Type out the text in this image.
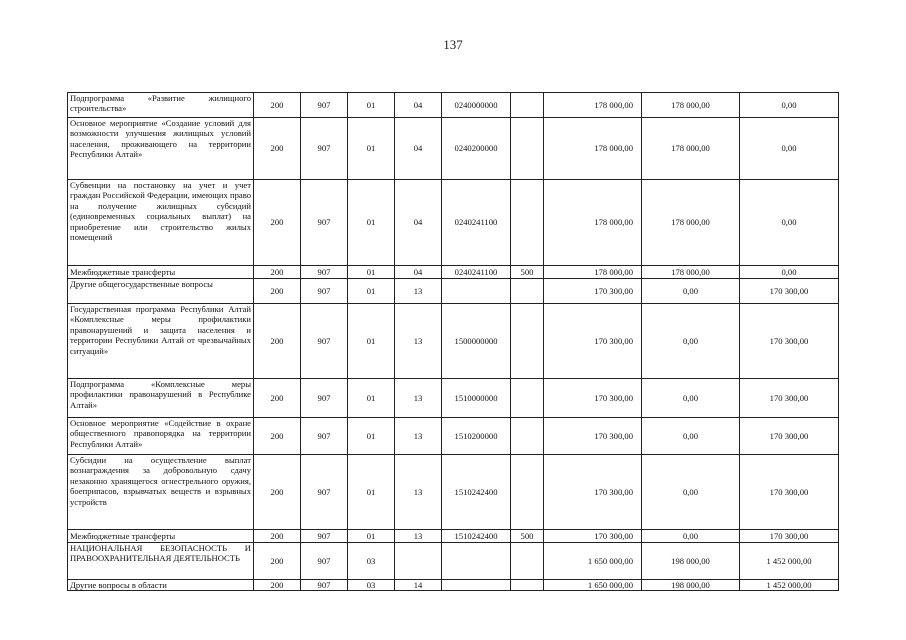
137
Подпрограмма «Развитие жилищного строительства»	200	907	01	04	0240000000		178 000,00	178 000,00	0,00
Основное мероприятие «Создание условий для возможности улучшения жилищных условий населения, проживающего на территории Республики Алтай»	200	907	01	04	0240200000		178 000,00	178 000,00	0,00
Субвенции на постановку на учет и учет граждан Российской Федерации, имеющих право на получение жилищных субсидий (единовременных социальных выплат) на приобретение или строительство жилых помещений	200	907	01	04	0240241100		178 000,00	178 000,00	0,00
Межбюджетные трансферты	200	907	01	04	0240241100	500	178 000,00	178 000,00	0,00
Другие общегосударственные вопросы	200	907	01	13			170 300,00	0,00	170 300,00
Государственная программа Республики Алтай «Комплексные меры профилактики правонарушений и защита населения и территории Республики Алтай от чрезвычайных ситуаций»	200	907	01	13	1500000000		170 300,00	0,00	170 300,00
Подпрограмма «Комплексные меры профилактики правонарушений в Республике Алтай»	200	907	01	13	1510000000		170 300,00	0,00	170 300,00
Основное мероприятие «Содействие в охране общественного правопорядка на территории Республики Алтай»	200	907	01	13	1510200000		170 300,00	0,00	170 300,00
Субсидии на осуществление выплат вознаграждения за добровольную сдачу незаконно хранящегося огнестрельного оружия, боеприпасов, взрывчатых веществ и взрывных устройств	200	907	01	13	1510242400		170 300,00	0,00	170 300,00
Межбюджетные трансферты	200	907	01	13	1510242400	500	170 300,00	0,00	170 300,00
НАЦИОНАЛЬНАЯ БЕЗОПАСНОСТЬ И ПРАВООХРАНИТЕЛЬНАЯ ДЕЯТЕЛЬНОСТЬ	200	907	03				1 650 000,00	198 000,00	1 452 000,00
Другие вопросы в области	200	907	03	14			1 650 000,00	198 000,00	1 452 000,00
